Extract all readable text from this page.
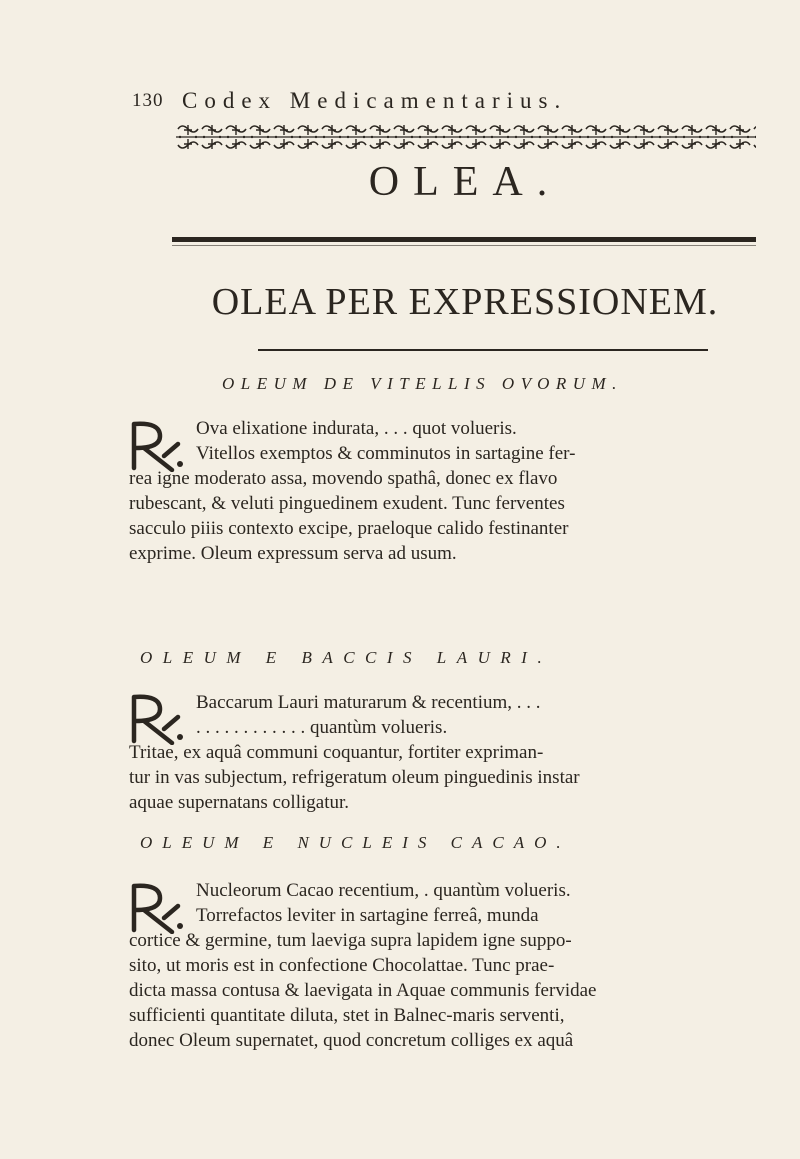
130 Codex Medicamentarius.
OLEA.
OLEA PER EXPRESSIONEM.
OLEUM DE VITELLIS OVORUM.
Ova elixatione indurata, . . . quot volueris.
Vitellos exemptos & comminutos in sartagine fer-
rea igne moderato assa, movendo spathâ, donec ex flavo
rubescant, & veluti pinguedinem exudent. Tunc ferventes
sacculo piiis contexto excipe, praeloque calido festinanter
exprime. Oleum expressum serva ad usum.
OLEUM E BACCIS LAURI.
Baccarum Lauri maturarum & recentium, . . .
. . . . . . . . . . . . quantùm volueris.
Tritae, ex aquâ communi coquantur, fortiter expriman-
tur in vas subjectum, refrigeratum oleum pinguedinis instar
aquae supernatans colligatur.
OLEUM E NUCLEIS CACAO.
Nucleorum Cacao recentium, . quantùm volueris.
Torrefactos leviter in sartagine ferreâ, munda
cortice & germine, tum laeviga supra lapidem igne suppo-
sito, ut moris est in confectione Chocolattae. Tunc prae-
dicta massa contusa & laevigata in Aquae communis fervidae
sufficienti quantitate diluta, stet in Balnec-maris serventi,
donec Oleum supernatet, quod concretum colliges ex aquâ
